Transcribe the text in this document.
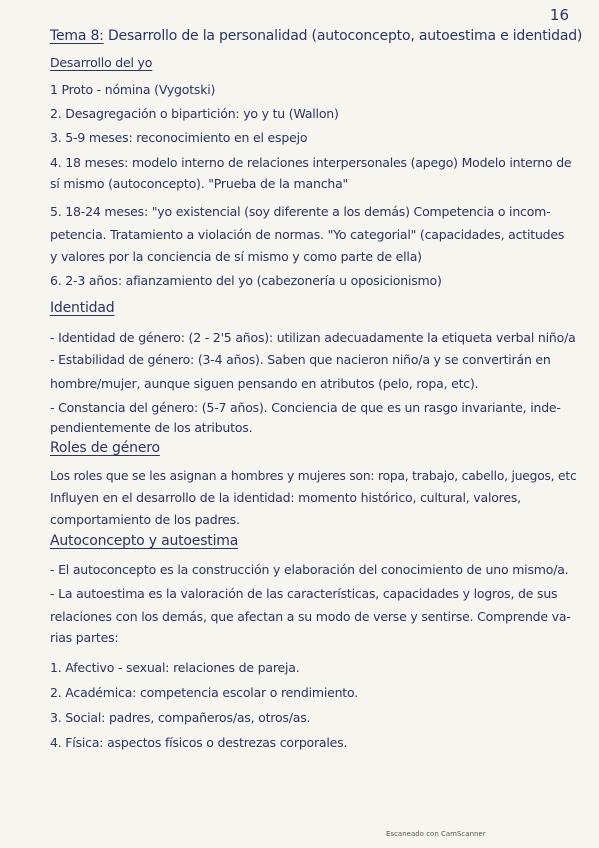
16
Tema 8: Desarrollo de la personalidad (autoconcepto, autoestima e identidad)
Desarrollo del yo
1 Proto - nómina (Vygotski)
2. Desagregación o bipartición: yo y tu (Wallon)
3. 5-9 meses: reconocimiento en el espejo
4. 18 meses: modelo interno de relaciones interpersonales (apego) Modelo interno de
sí mismo (autoconcepto). "Prueba de la mancha"
5. 18-24 meses: "yo existencial (soy diferente a los demás) Competencia o incom-
petencia. Tratamiento a violación de normas. "Yo categorial" (capacidades, actitudes
y valores por la conciencia de sí mismo y como parte de ella)
6. 2-3 años: afianzamiento del yo (cabezonería u oposicionismo)
Identidad
- Identidad de género: (2 - 2'5 años): utilizan adecuadamente la etiqueta verbal niño/a
- Estabilidad de género: (3-4 años). Saben que nacieron niño/a y se convertirán en
hombre/mujer, aunque siguen pensando en atributos (pelo, ropa, etc).
- Constancia del género: (5-7 años). Conciencia de que es un rasgo invariante, inde-
pendientemente de los atributos.
Roles de género
Los roles que se les asignan a hombres y mujeres son: ropa, trabajo, cabello, juegos, etc
Influyen en el desarrollo de la identidad: momento histórico, cultural, valores,
comportamiento de los padres.
Autoconcepto y autoestima
- El autoconcepto es la construcción y elaboración del conocimiento de uno mismo/a.
- La autoestima es la valoración de las características, capacidades y logros, de sus
relaciones con los demás, que afectan a su modo de verse y sentirse. Comprende va-
rias partes:
1. Afectivo - sexual: relaciones de pareja.
2. Académica: competencia escolar o rendimiento.
3. Social: padres, compañeros/as, otros/as.
4. Física: aspectos físicos o destrezas corporales.
Escaneado con CamScanner
